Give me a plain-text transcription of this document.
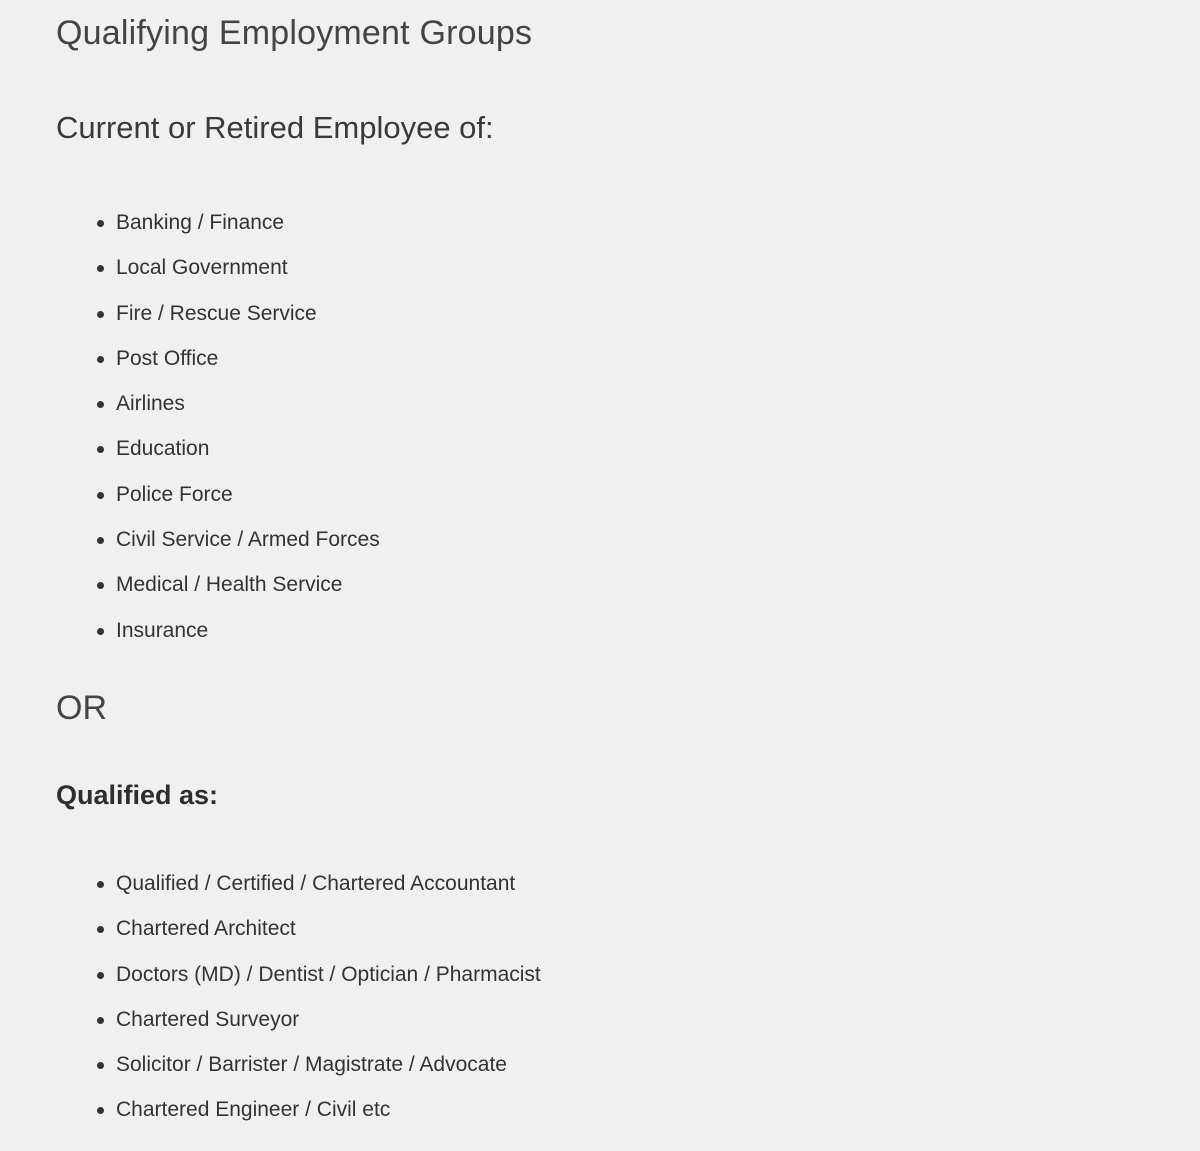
Qualifying Employment Groups
Current or Retired Employee of:
Banking / Finance
Local Government
Fire / Rescue Service
Post Office
Airlines
Education
Police Force
Civil Service / Armed Forces
Medical / Health Service
Insurance

OR

Qualified as:
Qualified / Certified / Chartered Accountant
Chartered Architect
Doctors (MD) / Dentist / Optician / Pharmacist
Chartered Surveyor
Solicitor / Barrister / Magistrate / Advocate
Chartered Engineer / Civil etc
